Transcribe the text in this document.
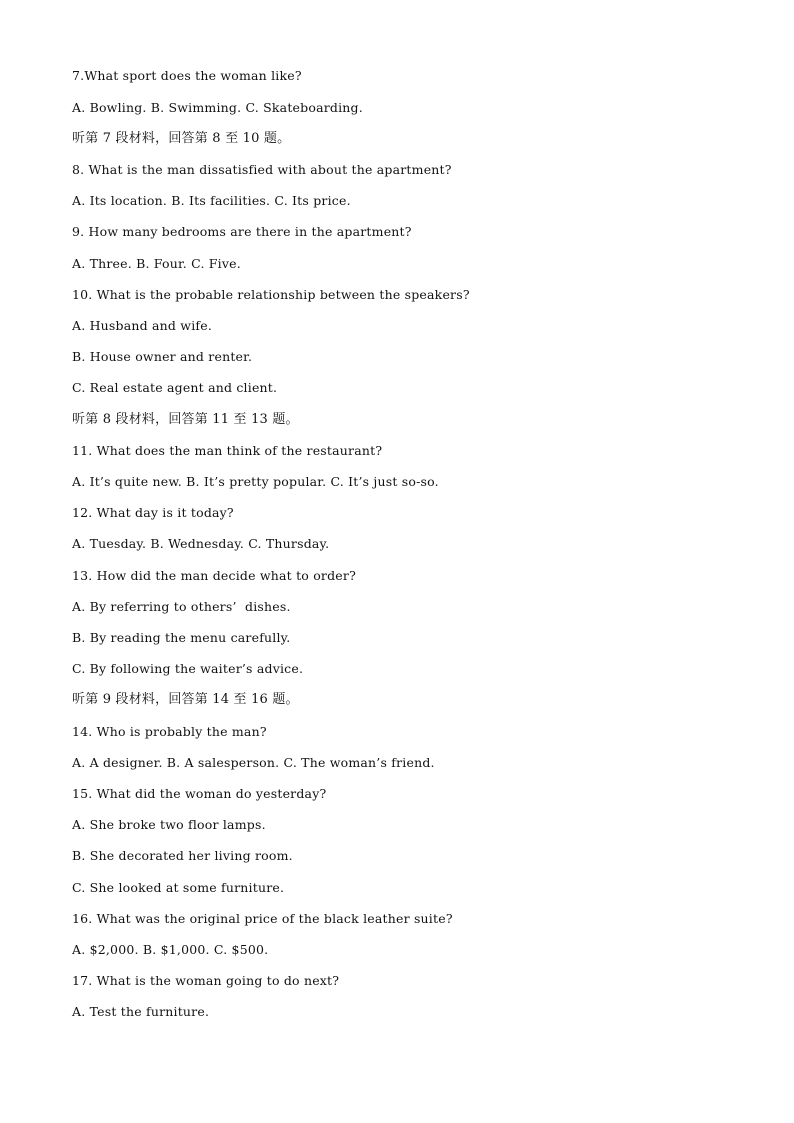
7.What sport does the woman like?
A. Bowling. B. Swimming. C. Skateboarding.
听第 7 段材料，回答第 8 至 10 题。
8. What is the man dissatisfied with about the apartment?
A. Its location. B. Its facilities. C. Its price.
9. How many bedrooms are there in the apartment?
A. Three. B. Four. C. Five.
10. What is the probable relationship between the speakers?
A. Husband and wife.
B. House owner and renter.
C. Real estate agent and client.
听第 8 段材料，回答第 11 至 13 题。
11. What does the man think of the restaurant?
A. It’s quite new. B. It’s pretty popular. C. It’s just so-so.
12. What day is it today?
A. Tuesday. B. Wednesday. C. Thursday.
13. How did the man decide what to order?
A. By referring to others’  dishes.
B. By reading the menu carefully.
C. By following the waiter’s advice.
听第 9 段材料，回答第 14 至 16 题。
14. Who is probably the man?
A. A designer. B. A salesperson. C. The woman’s friend.
15. What did the woman do yesterday?
A. She broke two floor lamps.
B. She decorated her living room.
C. She looked at some furniture.
16. What was the original price of the black leather suite?
A. $2,000. B. $1,000. C. $500.
17. What is the woman going to do next?
A. Test the furniture.
